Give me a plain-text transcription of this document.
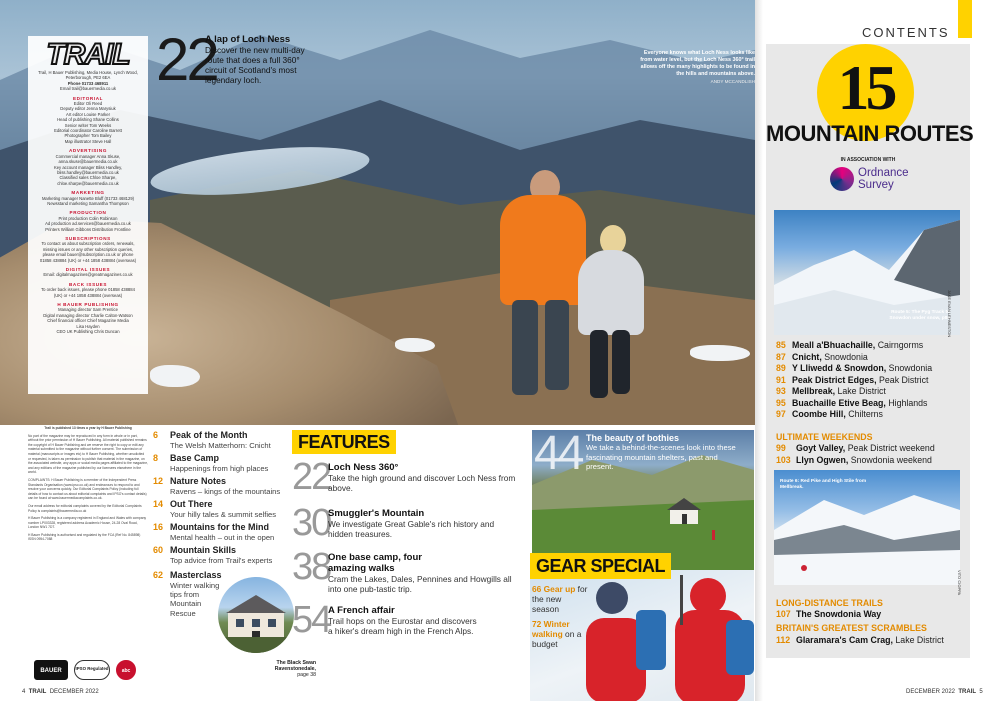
TRAIL
Trail, H Bauer Publishing, Media House, Lynch Wood, Peterborough, PE2 6EA
Phone 01733 468911
Email trail@bauermedia.co.uk
EDITORIAL
Editor Oli Reed
Deputy editor Jenna Marysiuk
Art editor Louise Parker
Head of publishing Shane Collins
Senior writer Tom Weeks
Editorial coordinator Caroline Barrett
Photographer Tom Bailey
Map illustrator Steve Hall
ADVERTISING
Commercial manager Anna Skuse,
anna.skuse@bauermedia.co.uk
Key account manager Bliss Handley,
bliss.handley@bauermedia.co.uk
Classified sales Chloe Sharpe,
chloe.sharpe@bauermedia.co.uk
MARKETING
Marketing manager Nanette Bluff (01733 468129)
Newsstand marketing Samantha Thompson
PRODUCTION
Print production Colin Robinson
Ad production ad.services@bauermedia.co.uk
Printers William Gibbons Distribution Frontline
SUBSCRIPTIONS
To contact us about subscription orders, renewals,
missing issues or any other subscription queries,
please email bauer@subscription.co.uk or phone
01858 438884 (UK) or +44 1858 438884 (overseas)
DIGITAL ISSUES
Email: digitalmagazines@greatmagazines.co.uk
BACK ISSUES
To order back issues, please phone 01858 438884
(UK) or +44 1858 438884 (overseas)
H BAUER PUBLISHING
Managing director Sam Prentice
Digital managing director Charlie Calton-Watson
Chief financial officer Chief Magazine Media
Lisa Hayden
CEO UK Publishing Chris Duncan
22
A lap of Loch Ness
Discover the new multi-day route that does a full 360° circuit of Scotland's most legendary loch.
Everyone knows what Loch Ness looks like from water level, but the Loch Ness 360° trail allows off the many highlights to be found in the hills and mountains above.
ANDY MCCANDLISH
Trail is published 13 times a year by H Bauer Publishing
No part of the magazine may be reproduced in any form in whole or in part, without the prior permission of H Bauer Publishing. All material published remains the copyright of H Bauer Publishing and we reserve the right to copy or edit any material submitted to the magazine without further consent. The submission of material (manuscripts or images etc) to H Bauer Publishing, whether unsolicited or requested, is taken as permission to publish that material in the magazine, on the associated website, any apps or social media pages affiliated to the magazine, and any editions of the magazine published by our licensees elsewhere in the world.
COMPLAINTS: H Bauer Publishing is a member of the Independent Press Standards Organisation (www.ipso.co.uk) and endeavours to respond to and resolve your concerns quickly. Our Editorial Complaints Policy (including full details of how to contact us about editorial complaints and IPSO's contact details) can be found at www.bauermediacomplaints.co.uk.
Our email address for editorial complaints covered by the Editorial Complaints Policy is complaints@bauermedia.co.uk
H Bauer Publishing is a company registered in England and Wales with company number LP003328, registered address Academic House, 24-28 Oval Road, London NW1 7DT.
H Bauer Publishing is authorised and regulated by the FCA (Ref No. 845898)
ISSN 0954-7088
BAUER	IPSO Regulated	abc
6 Peak of the Month
The Welsh Matterhorn: Cnicht
8 Base Camp
Happenings from high places
12 Nature Notes
Ravens – kings of the mountains
14 Out There
Your hilly tales & summit selfies
16 Mountains for the Mind
Mental health – out in the open
60 Mountain Skills
Top advice from Trail's experts
62 Masterclass
Winter walking
tips from
Mountain
Rescue
The Black Swan
Ravenstonedale,
page 38
FEATURES
22
Loch Ness 360°
Take the high ground and discover Loch Ness from above.
30
Smuggler's Mountain
We investigate Great Gable's rich history and hidden treasures.
38
One base camp, four amazing walks
Cram the Lakes, Dales, Pennines and Howgills all into one pub-tastic trip.
54
A French affair
Trail hops on the Eurostar and discovers a hiker's dream high in the French Alps.
44 The beauty of bothies
We take a behind-the-scenes look into these fascinating mountain shelters, past and present.
GEAR SPECIAL
66 Gear up for the new season
72 Winter walking on a budget
CONTENTS
15
MOUNTAIN ROUTES
IN ASSOCIATION WITH
Ordnance
Survey
Route 5: The Pyg Track to Snowdon under snow, p89
JAKE EVAN LEHNESTON
85 Meall a'Bhuachaille, Cairngorms
87 Cnicht, Snowdonia
89 Y Lliwedd & Snowdon, Snowdonia
91 Peak District Edges, Peak District
93 Mellbreak, Lake District
95 Buachaille Etive Beag, Highlands
97 Coombe Hill, Chilterns
ULTIMATE WEEKENDS
99 Goyt Valley, Peak District weekend
103 Llyn Ogwen, Snowdonia weekend
Route 6: Red Pike and High Stile from Mellbreak.
VITO CIOPPA
LONG-DISTANCE TRAILS
107 The Snowdonia Way
BRITAIN'S GREATEST SCRAMBLES
112 Glaramara's Cam Crag, Lake District
4 TRAIL DECEMBER 2022	DECEMBER 2022 TRAIL 5
